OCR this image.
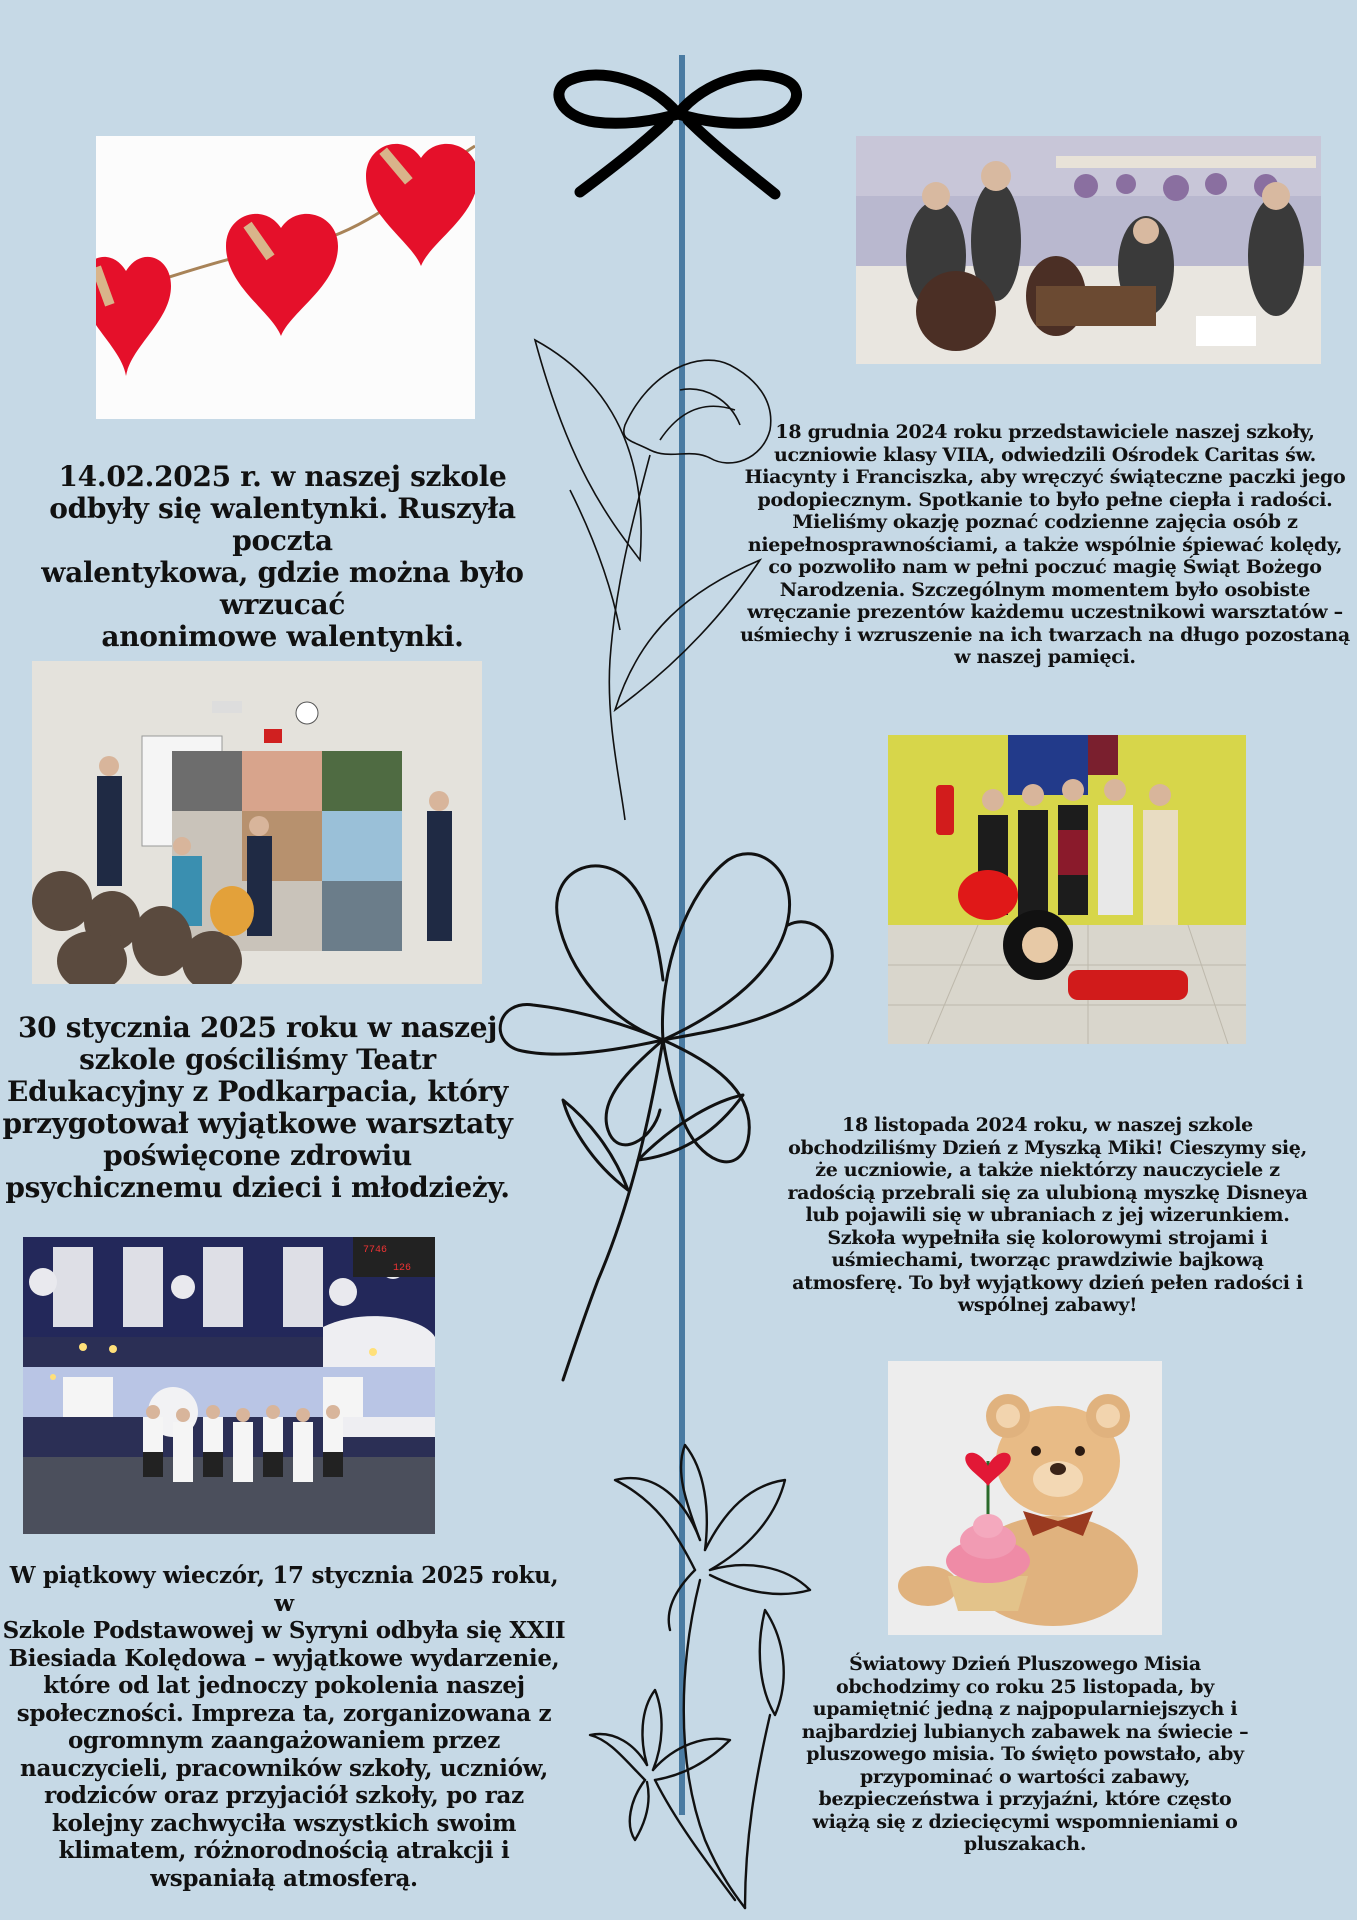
7746
126

14.02.2025 r. w naszej szkole

odbyły się walentynki. Ruszyła poczta

walentykowa, gdzie można było

wrzucać

anonimowe walentynki.

18 grudnia 2024 roku przedstawiciele naszej szkoły,

uczniowie klasy VIIA, odwiedzili Ośrodek Caritas św.

Hiacynty i Franciszka, aby wręczyć świąteczne paczki jego

podopiecznym. Spotkanie to było pełne ciepła i radości.

Mieliśmy okazję poznać codzienne zajęcia osób z

niepełnosprawnościami, a także wspólnie śpiewać kolędy,

co pozwoliło nam w pełni poczuć magię Świąt Bożego

Narodzenia. Szczególnym momentem było osobiste

wręczanie prezentów każdemu uczestnikowi warsztatów –

uśmiechy i wzruszenie na ich twarzach na długo pozostaną

w naszej pamięci.

30 stycznia 2025 roku w naszej

szkole gościliśmy Teatr

Edukacyjny z Podkarpacia, który

przygotował wyjątkowe warsztaty

poświęcone zdrowiu

psychicznemu dzieci i młodzieży.

18 listopada 2024 roku, w naszej szkole

obchodziliśmy Dzień z Myszką Miki! Cieszymy się,

że uczniowie, a także niektórzy nauczyciele z

radością przebrali się za ulubioną myszkę Disneya

lub pojawili się w ubraniach z jej wizerunkiem.

Szkoła wypełniła się kolorowymi strojami i

uśmiechami, tworząc prawdziwie bajkową

atmosferę. To był wyjątkowy dzień pełen radości i

wspólnej zabawy!

W piątkowy wieczór, 17 stycznia 2025 roku, w

Szkole Podstawowej w Syryni odbyła się XXII

Biesiada Kolędowa – wyjątkowe wydarzenie,

które od lat jednoczy pokolenia naszej

społeczności. Impreza ta, zorganizowana z

ogromnym zaangażowaniem przez

nauczycieli, pracowników szkoły, uczniów,

rodziców oraz przyjaciół szkoły, po raz

kolejny zachwyciła wszystkich swoim

klimatem, różnorodnością atrakcji i

wspaniałą atmosferą.

Światowy Dzień Pluszowego Misia

obchodzimy co roku 25 listopada, by

upamiętnić jedną z najpopularniejszych i

najbardziej lubianych zabawek na świecie –

pluszowego misia. To święto powstało, aby

przypominać o wartości zabawy,

bezpieczeństwa i przyjaźni, które często

wiążą się z dziecięcymi wspomnieniami o

pluszakach.
